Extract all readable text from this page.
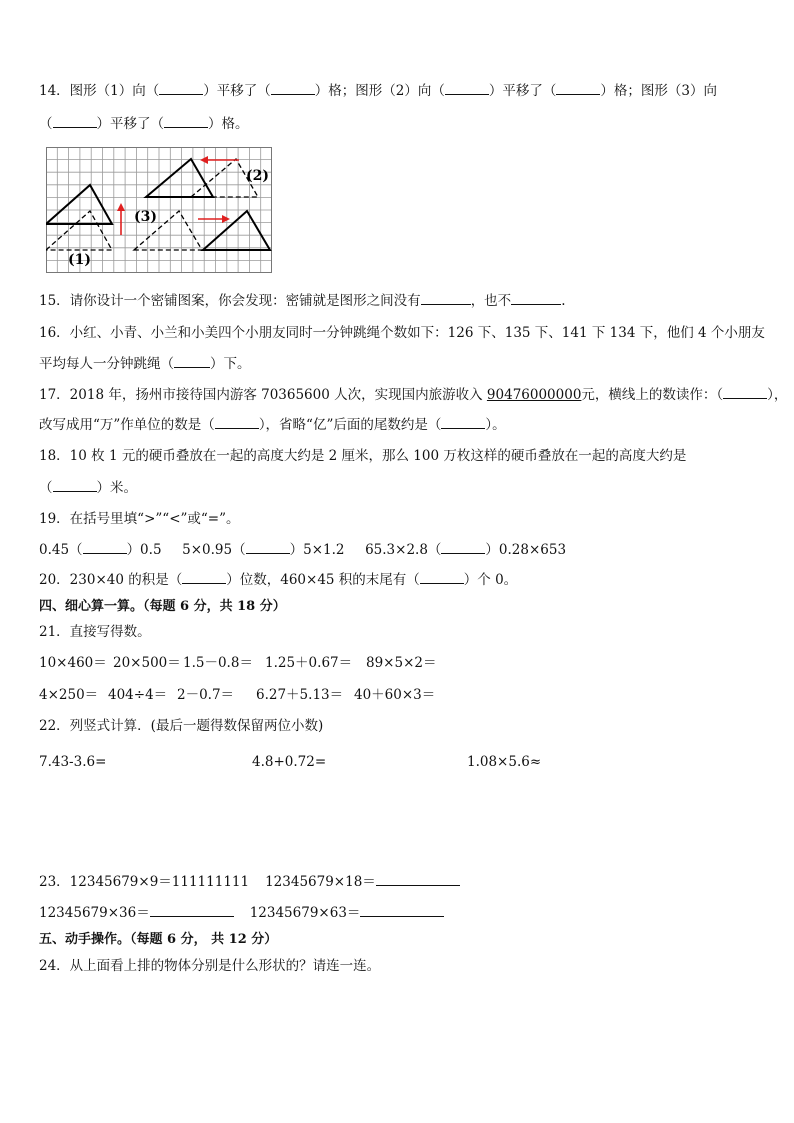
14．图形（1）向（	）平移了（	）格；图形（2）向（	）平移了（	）格；图形（3）向
（	）平移了（	）格。
(1)
(2)
(3)
15．请你设计一个密铺图案，你会发现：密铺就是图形之间没有	，也不	.
16．小红、小青、小兰和小美四个小朋友同时一分钟跳绳个数如下：126 下、135 下、141 下 134 下，他们 4 个小朋友
平均每人一分钟跳绳（	）下。
17．2018 年，扬州市接待国内游客 70365600 人次，实现国内旅游收入 90476000000元，横线上的数读作：（	），
改写成用“万”作单位的数是（	），省略“亿”后面的尾数约是（	）。
18．10 枚 1 元的硬币叠放在一起的高度大约是 2 厘米，那么 100 万枚这样的硬币叠放在一起的高度大约是
（	）米。
19．在括号里填“>”“<”或“=”。
0.45（	）0.5 5×0.95（	）5×1.2 65.3×2.8（	）0.28×653
20．230×40 的积是（	）位数，460×45 积的末尾有（	）个 0。
四、细心算一算。（每题 6 分，共 18 分）
21．直接写得数。
10×460＝ 20×500＝ 1.5－0.8＝ 1.25＋0.67＝ 89×5×2＝
4×250＝ 404÷4＝ 2－0.7＝ 6.27＋5.13＝ 40＋60×3＝
22．列竖式计算．(最后一题得数保留两位小数)
7.43-3.6=	4.8+0.72=	1.08×5.6≈
23．12345679×9＝111111111 12345679×18＝
12345679×36＝	12345679×63＝
五、动手操作。（每题 6 分， 共 12 分）
24．从上面看上排的物体分别是什么形状的？请连一连。
